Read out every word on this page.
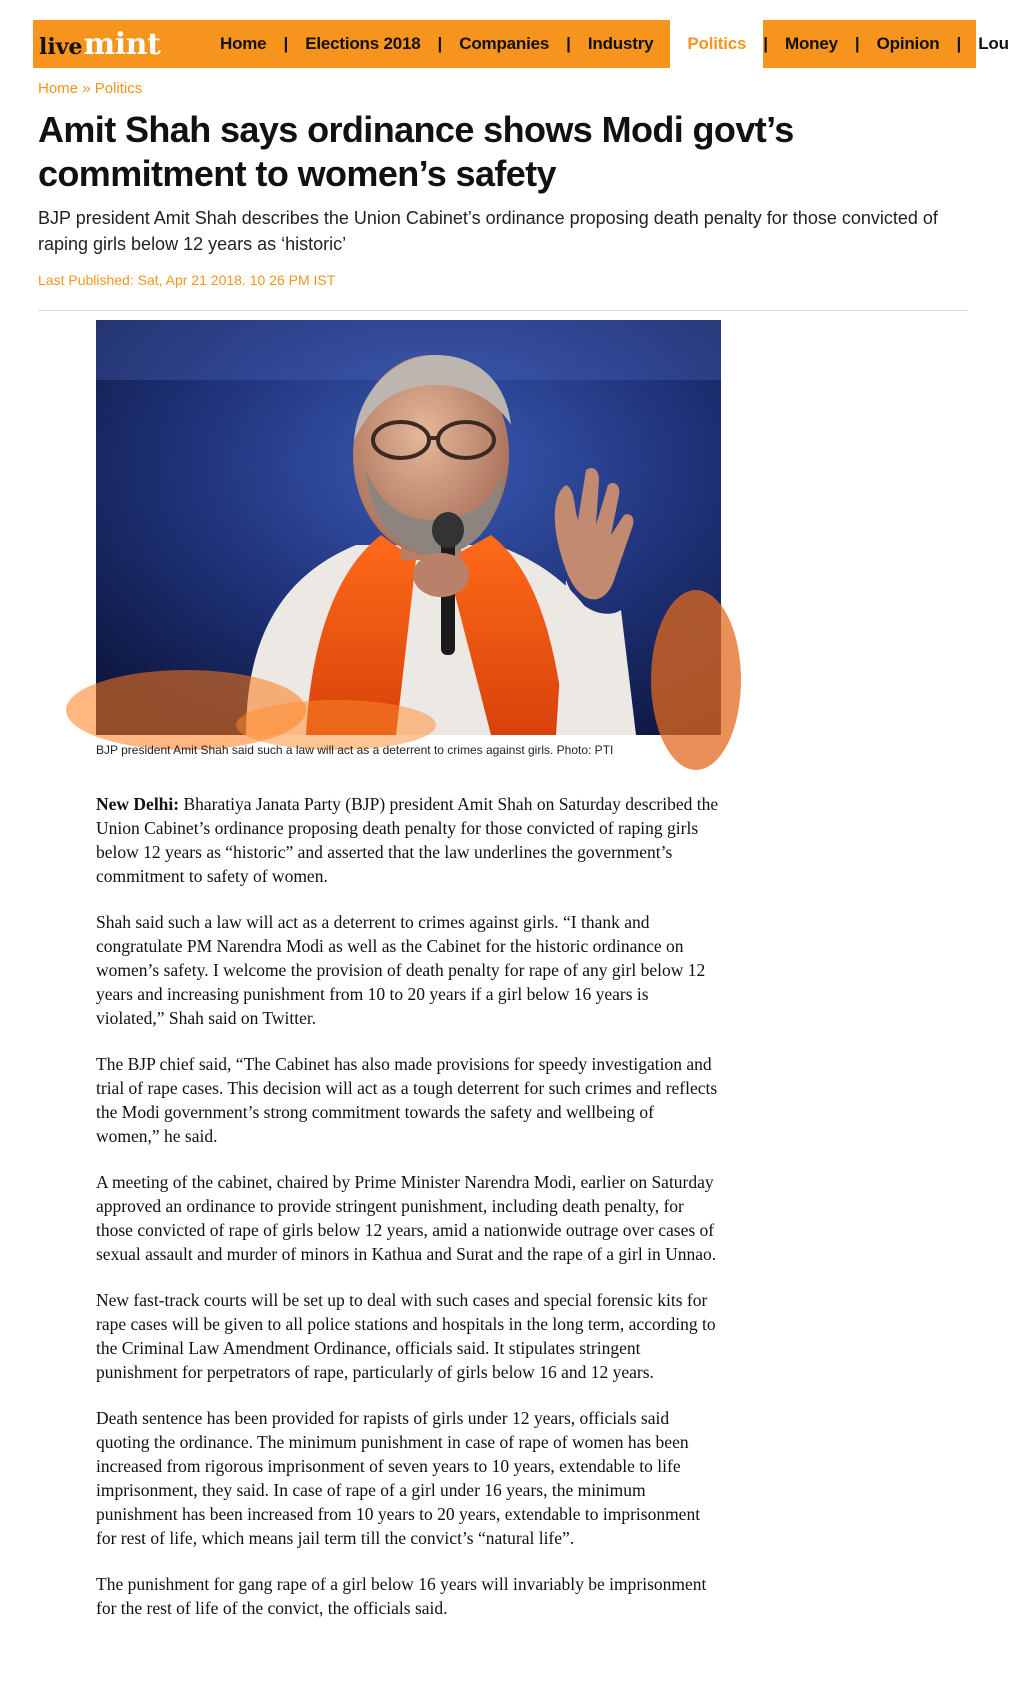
live mint	Home	|	Elections 2018	|	Companies	|	Industry	Politics	|	Money	|	Opinion	|	Lou
Home » Politics
Amit Shah says ordinance shows Modi govt’s commitment to women’s safety

BJP president Amit Shah describes the Union Cabinet’s ordinance proposing death penalty for those convicted of raping girls below 12 years as ‘historic’

Last Published: Sat, Apr 21 2018. 10 26 PM IST
BJP president Amit Shah said such a law will act as a deterrent to crimes against girls. Photo: PTI

New Delhi: Bharatiya Janata Party (BJP) president Amit Shah on Saturday described the Union Cabinet’s ordinance proposing death penalty for those convicted of raping girls below 12 years as “historic” and asserted that the law underlines the government’s commitment to safety of women.

Shah said such a law will act as a deterrent to crimes against girls. “I thank and congratulate PM Narendra Modi as well as the Cabinet for the historic ordinance on women’s safety. I welcome the provision of death penalty for rape of any girl below 12 years and increasing punishment from 10 to 20 years if a girl below 16 years is violated,” Shah said on Twitter.

The BJP chief said, “The Cabinet has also made provisions for speedy investigation and trial of rape cases. This decision will act as a tough deterrent for such crimes and reflects the Modi government’s strong commitment towards the safety and wellbeing of women,” he said.

A meeting of the cabinet, chaired by Prime Minister Narendra Modi, earlier on Saturday approved an ordinance to provide stringent punishment, including death penalty, for those convicted of rape of girls below 12 years, amid a nationwide outrage over cases of sexual assault and murder of minors in Kathua and Surat and the rape of a girl in Unnao.

New fast-track courts will be set up to deal with such cases and special forensic kits for rape cases will be given to all police stations and hospitals in the long term, according to the Criminal Law Amendment Ordinance, officials said. It stipulates stringent punishment for perpetrators of rape, particularly of girls below 16 and 12 years.

Death sentence has been provided for rapists of girls under 12 years, officials said quoting the ordinance. The minimum punishment in case of rape of women has been increased from rigorous imprisonment of seven years to 10 years, extendable to life imprisonment, they said. In case of rape of a girl under 16 years, the minimum punishment has been increased from 10 years to 20 years, extendable to imprisonment for rest of life, which means jail term till the convict’s “natural life”.

The punishment for gang rape of a girl below 16 years will invariably be imprisonment for the rest of life of the convict, the officials said.
